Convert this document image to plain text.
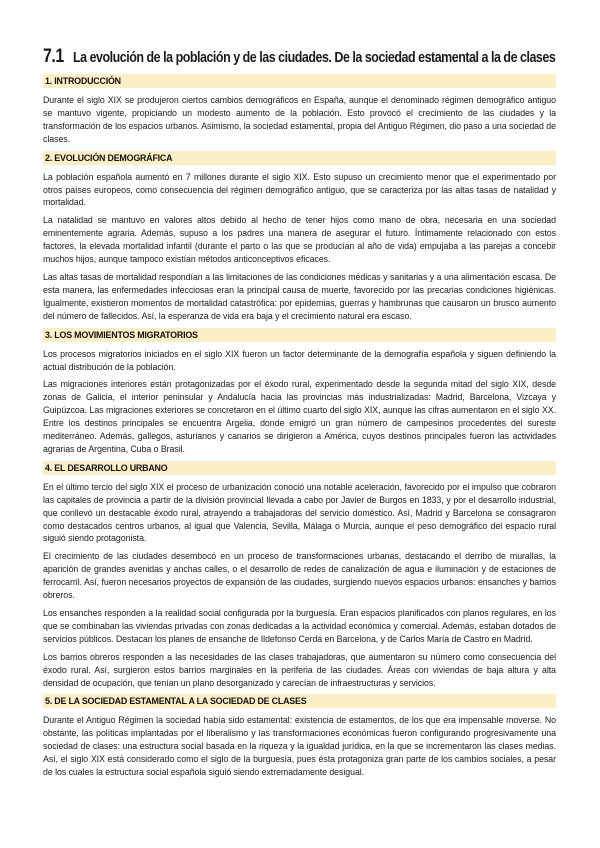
7.1 La evolución de la población y de las ciudades. De la sociedad estamental a la de clases
1. INTRODUCCIÓN

Durante el siglo XIX se produjeron ciertos cambios demográficos en España, aunque el denominado régimen demográfico antiguo se mantuvo vigente, propiciando un modesto aumento de la población. Esto provocó el crecimiento de las ciudades y la transformación de los espacios urbanos. Asimismo, la sociedad estamental, propia del Antiguo Régimen, dio paso a una sociedad de clases.

2. EVOLUCIÓN DEMOGRÁFICA

La población española aumentó en 7 millones durante el siglo XIX. Esto supuso un crecimiento menor que el experimentado por otros países europeos, como consecuencia del régimen demográfico antiguo, que se caracteriza por las altas tasas de natalidad y mortalidad.

La natalidad se mantuvo en valores altos debido al hecho de tener hijos como mano de obra, necesaria en una sociedad eminentemente agraria. Además, supuso a los padres una manera de asegurar el futuro. Íntimamente relacionado con estos factores, la elevada mortalidad infantil (durante el parto o las que se producían al año de vida) empujaba a las parejas a concebir muchos hijos, aunque tampoco existían métodos anticonceptivos eficaces.

Las altas tasas de mortalidad respondían a las limitaciones de las condiciones médicas y sanitarias y a una alimentación escasa. De esta manera, las enfermedades infecciosas eran la principal causa de muerte, favorecido por las precarias condiciones higiénicas. Igualmente, existieron momentos de mortalidad catastrófica: por epidemias, guerras y hambrunas que causaron un brusco aumento del número de fallecidos. Así, la esperanza de vida era baja y el crecimiento natural era escaso.

3. LOS MOVIMIENTOS MIGRATORIOS

Los procesos migratorios iniciados en el siglo XIX fueron un factor determinante de la demografía española y siguen definiendo la actual distribución de la población.

Las migraciones interiores están protagonizadas por el éxodo rural, experimentado desde la segunda mitad del siglo XIX, desde zonas de Galicia, el interior peninsular y Andalucía hacia las provincias más industrializadas: Madrid, Barcelona, Vizcaya y Guipúzcoa. Las migraciones exteriores se concretaron en el último cuarto del siglo XIX, aunque las cifras aumentaron en el siglo XX. Entre los destinos principales se encuentra Argelia, donde emigró un gran número de campesinos procedentes del sureste mediterráneo. Además, gallegos, asturianos y canarios se dirigieron a América, cuyos destinos principales fueron las actividades agrarias de Argentina, Cuba o Brasil.

4. EL DESARROLLO URBANO

En el último tercio del siglo XIX el proceso de urbanización conoció una notable aceleración, favorecido por el impulso que cobraron las capitales de provincia a partir de la división provincial llevada a cabo por Javier de Burgos en 1833, y por el desarrollo industrial, que conllevó un destacable éxodo rural, atrayendo a trabajadoras del servicio doméstico. Así, Madrid y Barcelona se consagraron como destacados centros urbanos, al igual que Valencia, Sevilla, Málaga o Murcia, aunque el peso demográfico del espacio rural siguió siendo protagonista.

El crecimiento de las ciudades desembocó en un proceso de transformaciones urbanas, destacando el derribo de murallas, la aparición de grandes avenidas y anchas calles, o el desarrollo de redes de canalización de agua e iluminación y de estaciones de ferrocarril. Así, fueron necesarios proyectos de expansión de las ciudades, surgiendo nuevos espacios urbanos: ensanches y barrios obreros.

Los ensanches responden a la realidad social configurada por la burguesía. Eran espacios planificados con planos regulares, en los que se combinaban las viviendas privadas con zonas dedicadas a la actividad económica y comercial. Además, estaban dotados de servicios públicos. Destacan los planes de ensanche de Ildefonso Cerdá en Barcelona, y de Carlos María de Castro en Madrid.

Los barrios obreros responden a las necesidades de las clases trabajadoras, que aumentaron su número como consecuencia del éxodo rural. Así, surgieron estos barrios marginales en la periferia de las ciudades. Áreas con viviendas de baja altura y alta densidad de ocupación, que tenían un plano desorganizado y carecían de infraestructuras y servicios.

5. DE LA SOCIEDAD ESTAMENTAL A LA SOCIEDAD DE CLASES

Durante el Antiguo Régimen la sociedad había sido estamental: existencia de estamentos, de los que era impensable moverse. No obstante, las políticas implantadas por el liberalismo y las transformaciones económicas fueron configurando progresivamente una sociedad de clases: una estructura social basada en la riqueza y la igualdad jurídica, en la que se incrementaron las clases medias. Así, el siglo XIX está considerado como el siglo de la burguesía, pues ésta protagoniza gran parte de los cambios sociales, a pesar de los cuales la estructura social española siguió siendo extremadamente desigual.
